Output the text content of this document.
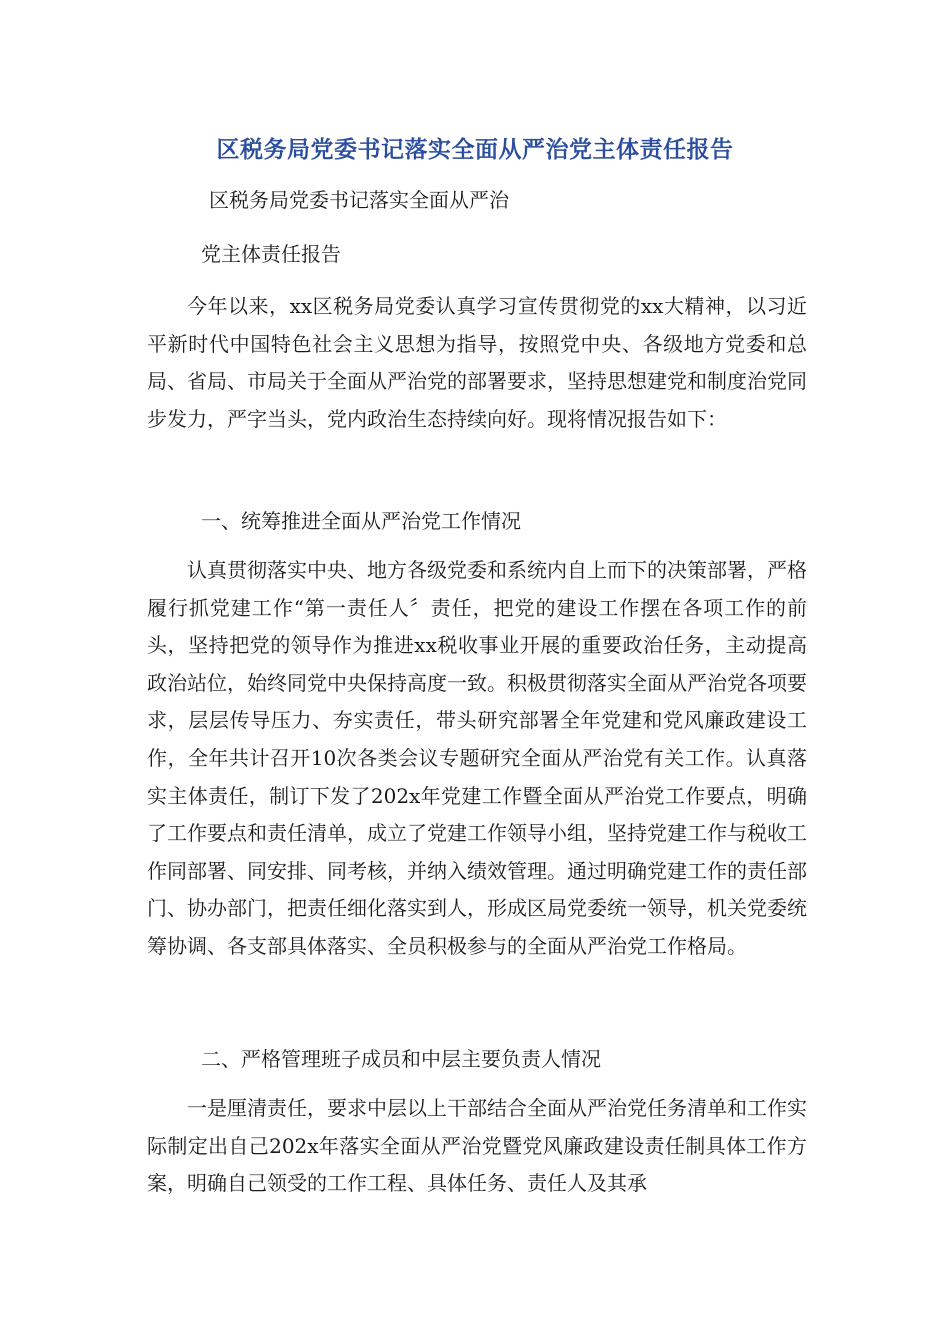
区税务局党委书记落实全面从严治党主体责任报告
区税务局党委书记落实全面从严治
党主体责任报告
今年以来，xx区税务局党委认真学习宣传贯彻党的xx大精神，以习近平新时代中国特色社会主义思想为指导，按照党中央、各级地方党委和总局、省局、市局关于全面从严治党的部署要求，坚持思想建党和制度治党同步发力，严字当头，党内政治生态持续向好。现将情况报告如下：
一、统筹推进全面从严治党工作情况
认真贯彻落实中央、地方各级党委和系统内自上而下的决策部署，严格履行抓党建工作“第一责任人〞责任，把党的建设工作摆在各项工作的前头，坚持把党的领导作为推进xx税收事业开展的重要政治任务，主动提高政治站位，始终同党中央保持高度一致。积极贯彻落实全面从严治党各项要求，层层传导压力、夯实责任，带头研究部署全年党建和党风廉政建设工作，全年共计召开10次各类会议专题研究全面从严治党有关工作。认真落实主体责任，制订下发了202x年党建工作暨全面从严治党工作要点，明确了工作要点和责任清单，成立了党建工作领导小组，坚持党建工作与税收工作同部署、同安排、同考核，并纳入绩效管理。通过明确党建工作的责任部门、协办部门，把责任细化落实到人，形成区局党委统一领导，机关党委统筹协调、各支部具体落实、全员积极参与的全面从严治党工作格局。
二、严格管理班子成员和中层主要负责人情况
一是厘清责任，要求中层以上干部结合全面从严治党任务清单和工作实际制定出自己202x年落实全面从严治党暨党风廉政建设责任制具体工作方案，明确自己领受的工作工程、具体任务、责任人及其承
